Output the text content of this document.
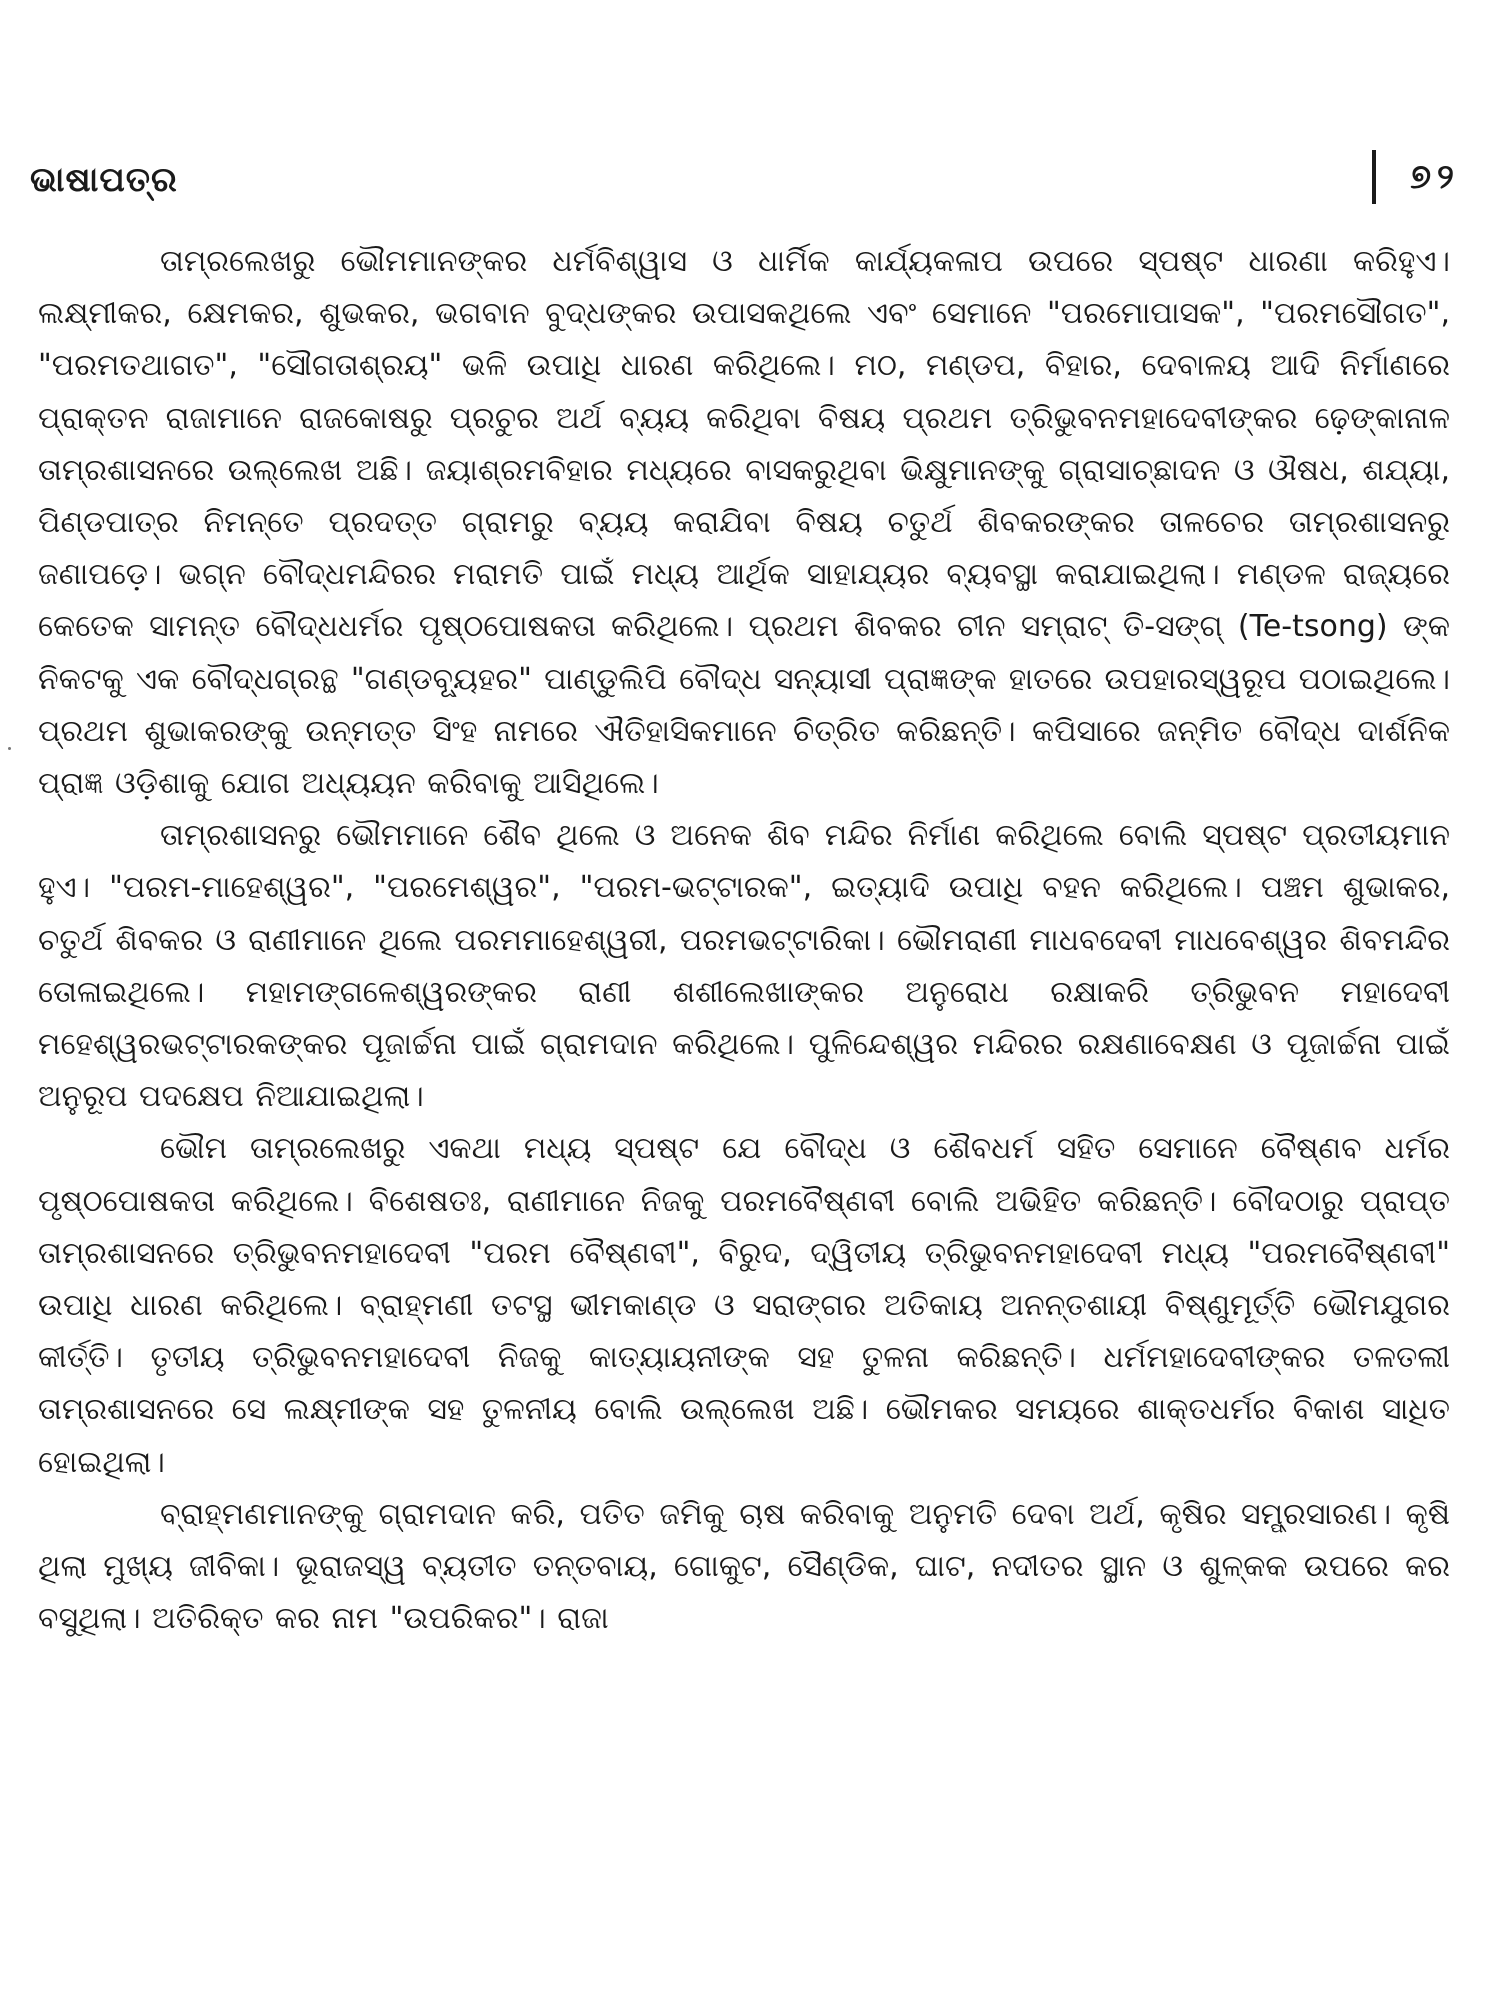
ଭାଷାପତ୍ର	୭୨

ତାମ୍ରଲେଖରୁ ଭୌମମାନଙ୍କର ଧର୍ମବିଶ୍ୱାସ ଓ ଧାର୍ମିକ କାର୍ଯ୍ୟକଳାପ ଉପରେ ସ୍ପଷ୍ଟ ଧାରଣା କରିହୁଏ। ଲକ୍ଷ୍ମୀକର, କ୍ଷେମକର, ଶୁଭକର, ଭଗବାନ ବୁଦ୍ଧଙ୍କର ଉପାସକଥିଲେ ଏବଂ ସେମାନେ "ପରମୋପାସକ", "ପରମସୌଗତ", "ପରମତଥାଗତ", "ସୌଗତାଶ୍ରୟ" ଭଳି ଉପାଧି ଧାରଣ କରିଥିଲେ। ମଠ, ମଣ୍ଡପ, ବିହାର, ଦେବାଳୟ ଆଦି ନିର୍ମାଣରେ ପ୍ରାକ୍ତନ ରାଜାମାନେ ରାଜକୋଷରୁ ପ୍ରଚୁର ଅର୍ଥ ବ୍ୟୟ କରିଥିବା ବିଷୟ ପ୍ରଥମ ତ୍ରିଭୁବନମହାଦେବୀଙ୍କର ଢ଼େଙ୍କାନାଳ ତାମ୍ରଶାସନରେ ଉଲ୍ଲେଖ ଅଛି। ଜୟାଶ୍ରମବିହାର ମଧ୍ୟରେ ବାସକରୁଥିବା ଭିକ୍ଷୁମାନଙ୍କୁ ଗ୍ରାସାଚ୍ଛାଦନ ଓ ଔଷଧ, ଶଯ୍ୟା, ପିଣ୍ଡପାତ୍ର ନିମନ୍ତେ ପ୍ରଦତ୍ତ ଗ୍ରାମରୁ ବ୍ୟୟ କରାଯିବା ବିଷୟ ଚତୁର୍ଥ ଶିବକରଙ୍କର ତାଳଚେର ତାମ୍ରଶାସନରୁ ଜଣାପଡ଼େ। ଭଗ୍ନ ବୌଦ୍ଧମନ୍ଦିରର ମରାମତି ପାଇଁ ମଧ୍ୟ ଆର୍ଥିକ ସାହାଯ୍ୟର ବ୍ୟବସ୍ଥା କରାଯାଇଥିଲା। ମଣ୍ଡଳ ରାଜ୍ୟରେ କେତେକ ସାମନ୍ତ ବୌଦ୍ଧଧର୍ମର ପୃଷ୍ଠପୋଷକତା କରିଥିଲେ। ପ୍ରଥମ ଶିବକର ଚୀନ ସମ୍ରାଟ୍ ତି-ସଙ୍ଗ୍ (Te-tsong) ଙ୍କ ନିକଟକୁ ଏକ ବୌଦ୍ଧଗ୍ରନ୍ଥ "ଗଣ୍ଡବ୍ୟୂହର" ପାଣ୍ଡୁଲିପି ବୌଦ୍ଧ ସନ୍ୟାସୀ ପ୍ରାଜ୍ଞଙ୍କ ହାତରେ ଉପହାରସ୍ୱରୂପ ପଠାଇଥିଲେ। ପ୍ରଥମ ଶୁଭାକରଙ୍କୁ ଉନ୍ମତ୍ତ ସିଂହ ନାମରେ ଐତିହାସିକମାନେ ଚିତ୍ରିତ କରିଛନ୍ତି। କପିସାରେ ଜନ୍ମିତ ବୌଦ୍ଧ ଦାର୍ଶନିକ ପ୍ରାଜ୍ଞ ଓଡ଼ିଶାକୁ ଯୋଗ ଅଧ୍ୟୟନ କରିବାକୁ ଆସିଥିଲେ।

ତାମ୍ରଶାସନରୁ ଭୌମମାନେ ଶୈବ ଥିଲେ ଓ ଅନେକ ଶିବ ମନ୍ଦିର ନିର୍ମାଣ କରିଥିଲେ ବୋଲି ସ୍ପଷ୍ଟ ପ୍ରତୀୟମାନ ହୁଏ। "ପରମ-ମାହେଶ୍ୱର", "ପରମେଶ୍ୱର", "ପରମ-ଭଟ୍ଟାରକ", ଇତ୍ୟାଦି ଉପାଧି ବହନ କରିଥିଲେ। ପଞ୍ଚମ ଶୁଭାକର, ଚତୁର୍ଥ ଶିବକର ଓ ରାଣୀମାନେ ଥିଲେ ପରମମାହେଶ୍ୱରୀ, ପରମଭଟ୍ଟାରିକା। ଭୌମରାଣୀ ମାଧବଦେବୀ ମାଧବେଶ୍ୱର ଶିବମନ୍ଦିର ତୋଳାଇଥିଲେ। ମହାମଙ୍ଗଳେଶ୍ୱରଙ୍କର ରାଣୀ ଶଶୀଲେଖାଙ୍କର ଅନୁରୋଧ ରକ୍ଷାକରି ତ୍ରିଭୁବନ ମହାଦେବୀ ମହେଶ୍ୱରଭଟ୍ଟାରକଙ୍କର ପୂଜାର୍ଚ୍ଚନା ପାଇଁ ଗ୍ରାମଦାନ କରିଥିଲେ। ପୁଳିନ୍ଦେଶ୍ୱର ମନ୍ଦିରର ରକ୍ଷଣାବେକ୍ଷଣ ଓ ପୂଜାର୍ଚ୍ଚନା ପାଇଁ ଅନୁରୂପ ପଦକ୍ଷେପ ନିଆଯାଇଥିଲା।

ଭୌମ ତାମ୍ରଲେଖରୁ ଏକଥା ମଧ୍ୟ ସ୍ପଷ୍ଟ ଯେ ବୌଦ୍ଧ ଓ ଶୈବଧର୍ମ ସହିତ ସେମାନେ ବୈଷ୍ଣବ ଧର୍ମର ପୃଷ୍ଠପୋଷକତା କରିଥିଲେ। ବିଶେଷତଃ, ରାଣୀମାନେ ନିଜକୁ ପରମବୈଷ୍ଣବୀ ବୋଲି ଅଭିହିତ କରିଛନ୍ତି। ବୌଦଠାରୁ ପ୍ରାପ୍ତ ତାମ୍ରଶାସନରେ ତ୍ରିଭୁବନମହାଦେବୀ "ପରମ ବୈଷ୍ଣବୀ", ବିରୁଦ, ଦ୍ୱିତୀୟ ତ୍ରିଭୁବନମହାଦେବୀ ମଧ୍ୟ "ପରମବୈଷ୍ଣବୀ" ଉପାଧି ଧାରଣ କରିଥିଲେ। ବ୍ରାହ୍ମଣୀ ତଟସ୍ଥ ଭୀମକାଣ୍ଡ ଓ ସରାଙ୍ଗର ଅତିକାୟ ଅନନ୍ତଶାୟୀ ବିଷ୍ଣୁମୂର୍ତ୍ତି ଭୌମଯୁଗର କୀର୍ତ୍ତି। ତୃତୀୟ ତ୍ରିଭୁବନମହାଦେବୀ ନିଜକୁ କାତ୍ୟାୟନୀଙ୍କ ସହ ତୁଳନା କରିଛନ୍ତି। ଧର୍ମମହାଦେବୀଙ୍କର ତଳତଲୀ ତାମ୍ରଶାସନରେ ସେ ଲକ୍ଷ୍ମୀଙ୍କ ସହ ତୁଳନୀୟ ବୋଲି ଉଲ୍ଲେଖ ଅଛି। ଭୌମକର ସମୟରେ ଶାକ୍ତଧର୍ମର ବିକାଶ ସାଧିତ ହୋଇଥିଲା।

ବ୍ରାହ୍ମଣମାନଙ୍କୁ ଗ୍ରାମଦାନ କରି, ପତିତ ଜମିକୁ ଚାଷ କରିବାକୁ ଅନୁମତି ଦେବା ଅର୍ଥ, କୃଷିର ସମ୍ପ୍ରସାରଣ। କୃଷି ଥିଲା ମୁଖ୍ୟ ଜୀବିକା। ଭୂରାଜସ୍ୱ ବ୍ୟତୀତ ତନ୍ତବାୟ, ଗୋକୁଟ, ସୈଣ୍ଡିକ, ଘାଟ, ନଦୀତର ସ୍ଥାନ ଓ ଶୁଳ୍କକ ଉପରେ କର ବସୁଥିଲା। ଅତିରିକ୍ତ କର ନାମ "ଉପରିକର"। ରାଜା
